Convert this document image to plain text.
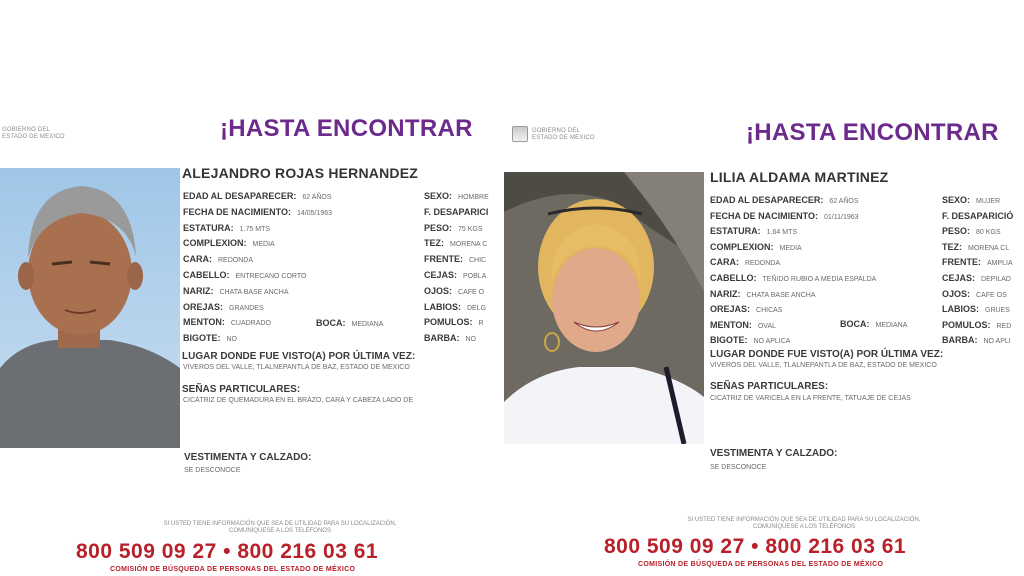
GOBIERNO DEL
ESTADO DE MEXICO	¡HASTA ENCONTRAR
ALEJANDRO ROJAS HERNANDEZ
EDAD AL DESAPARECER: 62 AÑOS
FECHA DE NACIMIENTO: 14/05/1963
ESTATURA: 1.75 MTS
COMPLEXION: MEDIA
CARA: REDONDA
CABELLO: ENTRECANO CORTO
NARIZ: CHATA BASE ANCHA
OREJAS: GRANDES
MENTON: CUADRADO
BIGOTE: NO
BOCA: MEDIANA
SEXO: HOMBRE
F. DESAPARICI
PESO: 75 KGS
TEZ: MORENA C
FRENTE: CHIC
CEJAS: POBLA
OJOS: CAFE O
LABIOS: DELG
POMULOS: R
BARBA: NO
LUGAR DONDE FUE VISTO(A) POR ÚLTIMA VEZ:
VIVEROS DEL VALLE, TLALNEPANTLA DE BAZ, ESTADO DE MEXICO
SEÑAS PARTICULARES:
CICATRIZ DE QUEMADURA EN EL BRAZO, CARA Y CABEZA LADO DE
VESTIMENTA Y CALZADO:
SE DESCONOCE
SI USTED TIENE INFORMACIÓN QUE SEA DE UTILIDAD PARA SU LOCALIZACIÓN,
COMUNÍQUESE A LOS TELÉFONOS
800 509 09 27 • 800 216 03 61
COMISIÓN DE BÚSQUEDA DE PERSONAS DEL ESTADO DE MÉXICO
GOBIERNO DEL
ESTADO DE MEXICO	¡HASTA ENCONTRAR
LILIA ALDAMA MARTINEZ
EDAD AL DESAPARECER: 62 AÑOS
FECHA DE NACIMIENTO: 01/11/1963
ESTATURA: 1.64 MTS
COMPLEXION: MEDIA
CARA: REDONDA
CABELLO: TEÑIDO RUBIO A MEDIA ESPALDA
NARIZ: CHATA BASE ANCHA
OREJAS: CHICAS
MENTON: OVAL
BIGOTE: NO APLICA
BOCA: MEDIANA
SEXO: MUJER
F. DESAPARICIÓ
PESO: 80 KGS
TEZ: MORENA CL
FRENTE: AMPLIA
CEJAS: DEPILAD
OJOS: CAFE OS
LABIOS: GRUES
POMULOS: RED
BARBA: NO APLI
LUGAR DONDE FUE VISTO(A) POR ÚLTIMA VEZ:
VIVEROS DEL VALLE, TLALNEPANTLA DE BAZ, ESTADO DE MEXICO
SEÑAS PARTICULARES:
CICATRIZ DE VARICELA EN LA FRENTE, TATUAJE DE CEJAS
VESTIMENTA Y CALZADO:
SE DESCONOCE
SI USTED TIENE INFORMACIÓN QUE SEA DE UTILIDAD PARA SU LOCALIZACIÓN,
COMUNÍQUESE A LOS TELÉFONOS
800 509 09 27 • 800 216 03 61
COMISIÓN DE BÚSQUEDA DE PERSONAS DEL ESTADO DE MÉXICO
